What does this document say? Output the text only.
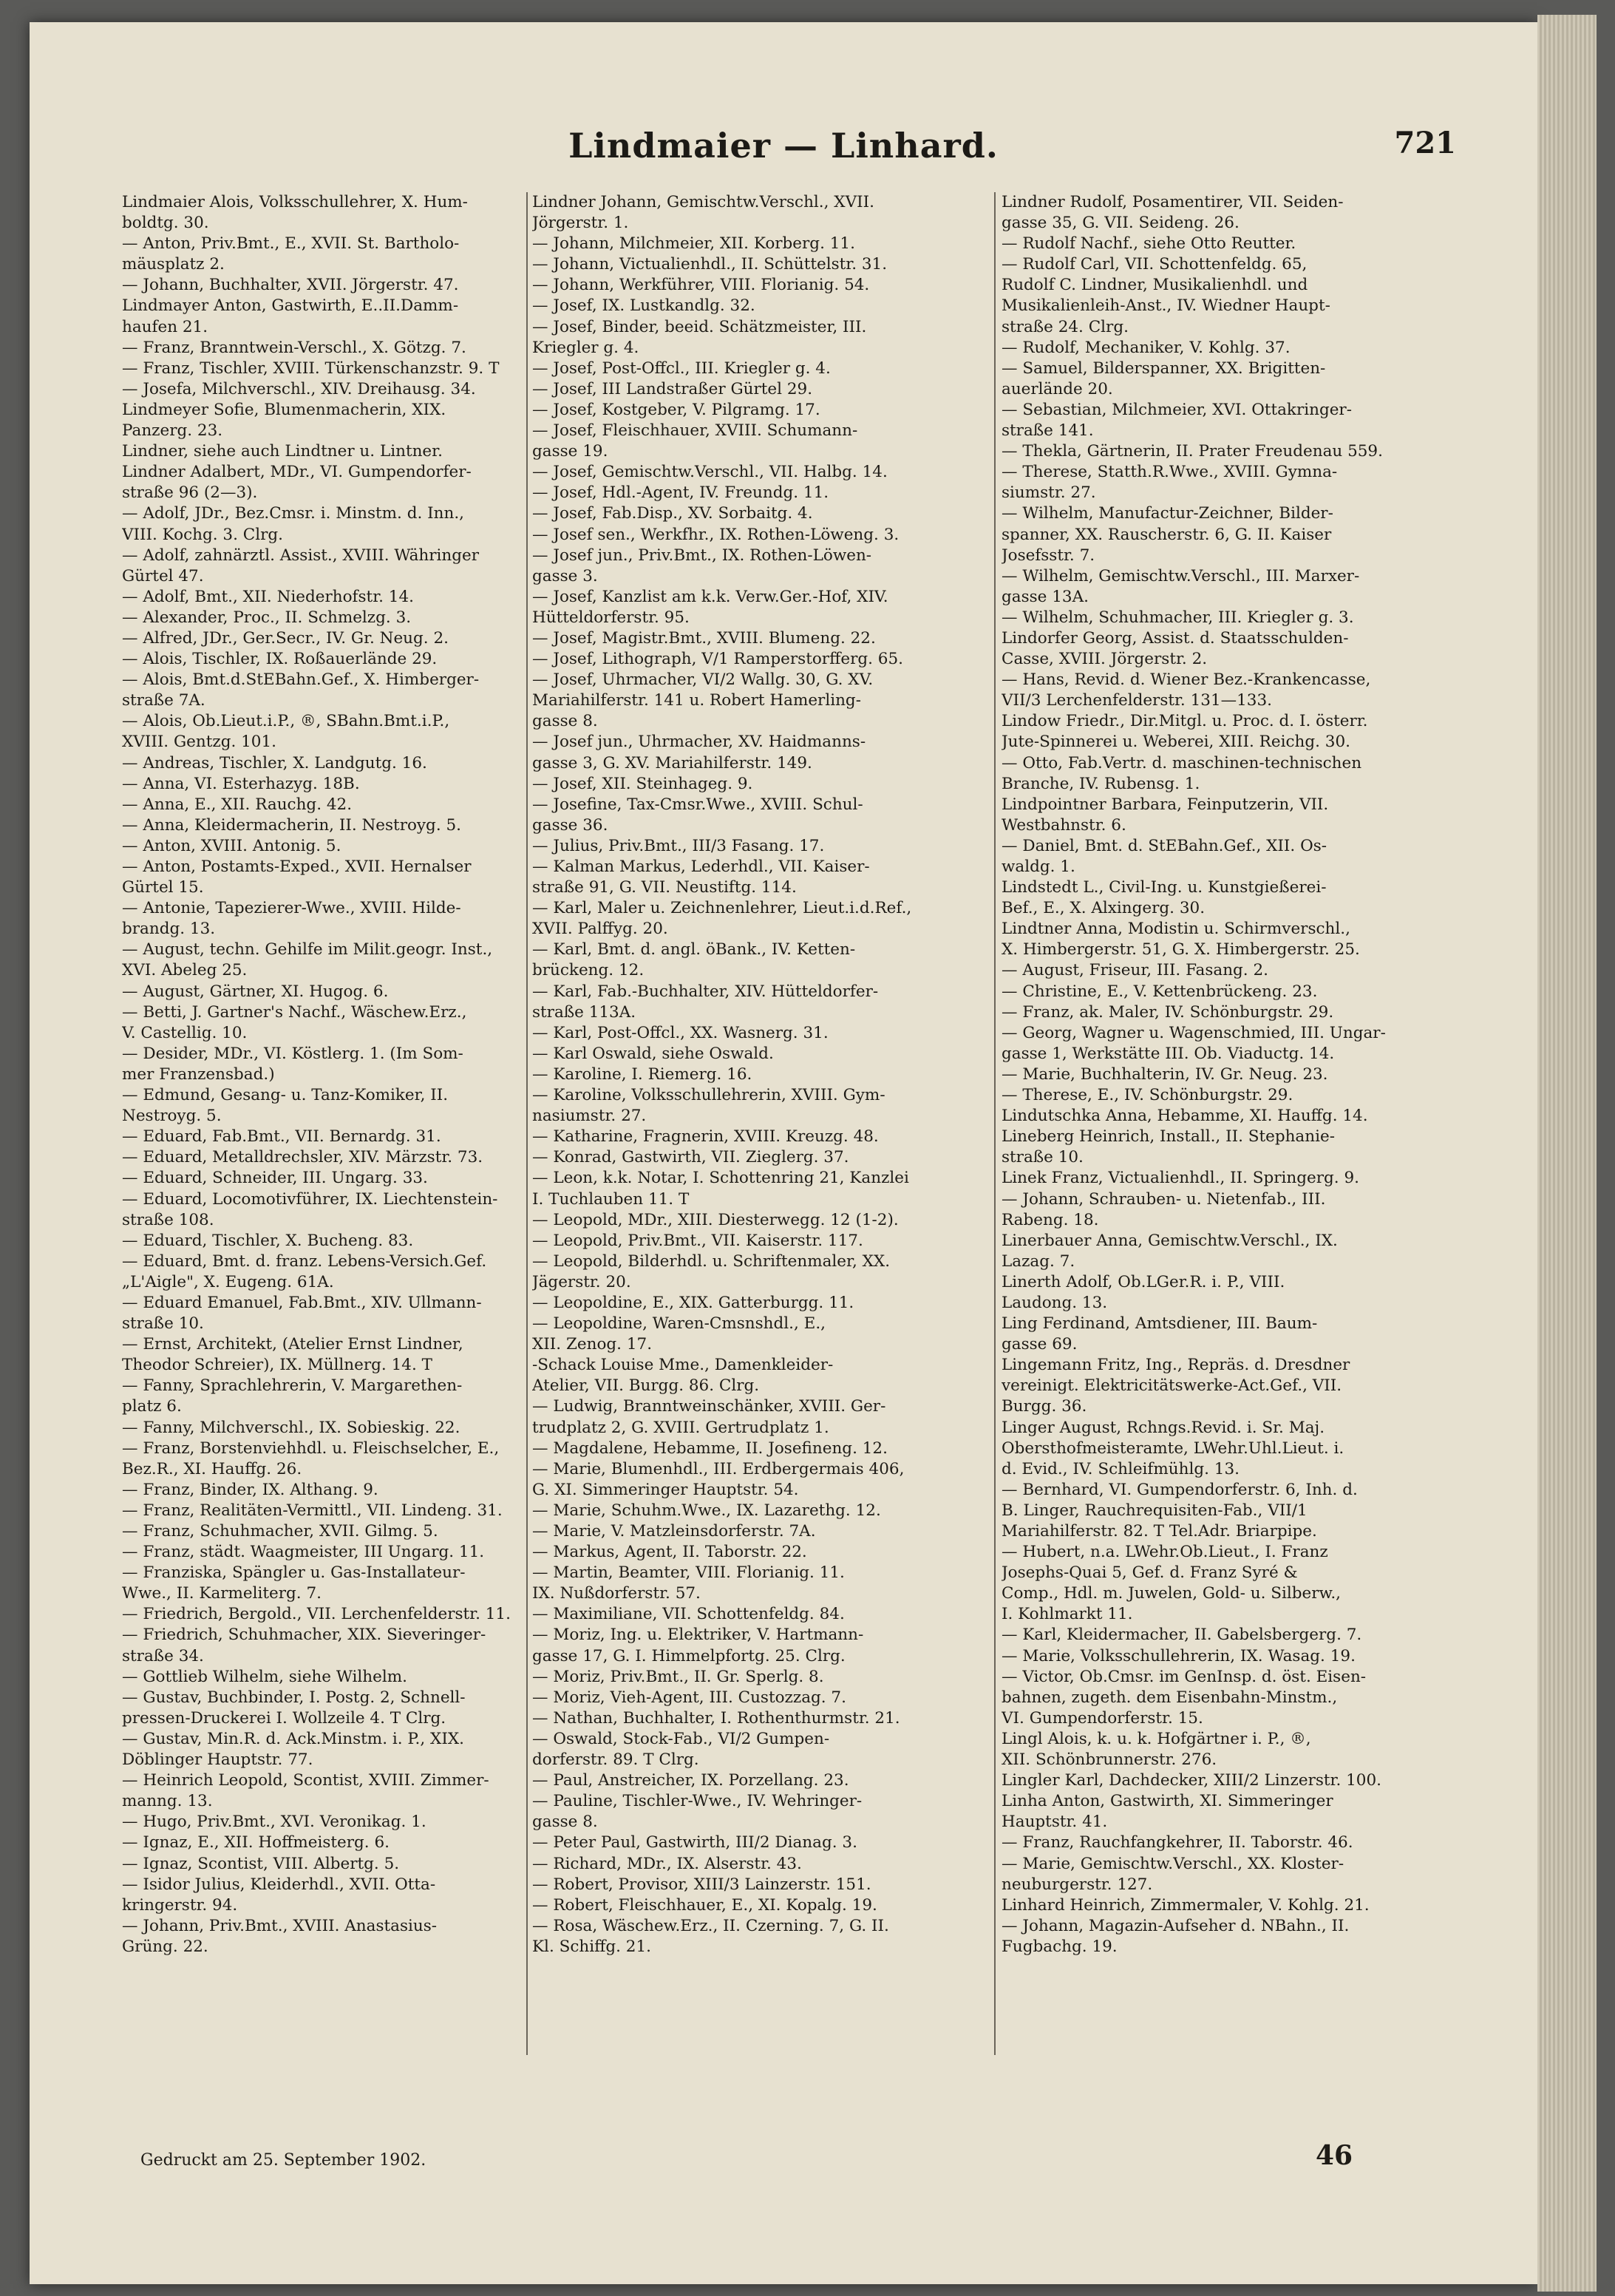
Lindmaier — Linhard.	721
Lindmaier Alois, Volksschullehrer, X. Hum-
boldtg. 30.
— Anton, Priv.Bmt., E., XVII. St. Bartholo-
mäusplatz 2.
— Johann, Buchhalter, XVII. Jörgerstr. 47.
Lindmayer Anton, Gastwirth, E..II.Damm-
haufen 21.
— Franz, Branntwein-Verschl., X. Götzg. 7.
— Franz, Tischler, XVIII. Türkenschanzstr. 9. T
— Josefa, Milchverschl., XIV. Dreihausg. 34.
Lindmeyer Sofie, Blumenmacherin, XIX.
Panzerg. 23.
Lindner, siehe auch Lindtner u. Lintner.
Lindner Adalbert, MDr., VI. Gumpendorfer-
straße 96 (2—3).
— Adolf, JDr., Bez.Cmsr. i. Minstm. d. Inn.,
VIII. Kochg. 3. Clrg.
— Adolf, zahnärztl. Assist., XVIII. Währinger
Gürtel 47.
— Adolf, Bmt., XII. Niederhofstr. 14.
— Alexander, Proc., II. Schmelzg. 3.
— Alfred, JDr., Ger.Secr., IV. Gr. Neug. 2.
— Alois, Tischler, IX. Roßauerlände 29.
— Alois, Bmt.d.StEBahn.Gef., X. Himberger-
straße 7A.
— Alois, Ob.Lieut.i.P., ®, SBahn.Bmt.i.P.,
XVIII. Gentzg. 101.
— Andreas, Tischler, X. Landgutg. 16.
— Anna, VI. Esterhazyg. 18B.
— Anna, E., XII. Rauchg. 42.
— Anna, Kleidermacherin, II. Nestroyg. 5.
— Anton, XVIII. Antonig. 5.
— Anton, Postamts-Exped., XVII. Hernalser
Gürtel 15.
— Antonie, Tapezierer-Wwe., XVIII. Hilde-
brandg. 13.
— August, techn. Gehilfe im Milit.geogr. Inst.,
XVI. Abeleg 25.
— August, Gärtner, XI. Hugog. 6.
— Betti, J. Gartner's Nachf., Wäschew.Erz.,
V. Castellig. 10.
— Desider, MDr., VI. Köstlerg. 1. (Im Som-
mer Franzensbad.)
— Edmund, Gesang- u. Tanz-Komiker, II.
Nestroyg. 5.
— Eduard, Fab.Bmt., VII. Bernardg. 31.
— Eduard, Metalldrechsler, XIV. Märzstr. 73.
— Eduard, Schneider, III. Ungarg. 33.
— Eduard, Locomotivführer, IX. Liechtenstein-
straße 108.
— Eduard, Tischler, X. Bucheng. 83.
— Eduard, Bmt. d. franz. Lebens-Versich.Gef.
„L'Aigle", X. Eugeng. 61A.
— Eduard Emanuel, Fab.Bmt., XIV. Ullmann-
straße 10.
— Ernst, Architekt, (Atelier Ernst Lindner,
Theodor Schreier), IX. Müllnerg. 14. T
— Fanny, Sprachlehrerin, V. Margarethen-
platz 6.
— Fanny, Milchverschl., IX. Sobieskig. 22.
— Franz, Borstenviehhdl. u. Fleischselcher, E.,
Bez.R., XI. Hauffg. 26.
— Franz, Binder, IX. Althang. 9.
— Franz, Realitäten-Vermittl., VII. Lindeng. 31.
— Franz, Schuhmacher, XVII. Gilmg. 5.
— Franz, städt. Waagmeister, III Ungarg. 11.
— Franziska, Spängler u. Gas-Installateur-
Wwe., II. Karmeliterg. 7.
— Friedrich, Bergold., VII. Lerchenfelderstr. 11.
— Friedrich, Schuhmacher, XIX. Sieveringer-
straße 34.
— Gottlieb Wilhelm, siehe Wilhelm.
— Gustav, Buchbinder, I. Postg. 2, Schnell-
pressen-Druckerei I. Wollzeile 4. T Clrg.
— Gustav, Min.R. d. Ack.Minstm. i. P., XIX.
Döblinger Hauptstr. 77.
— Heinrich Leopold, Scontist, XVIII. Zimmer-
manng. 13.
— Hugo, Priv.Bmt., XVI. Veronikag. 1.
— Ignaz, E., XII. Hoffmeisterg. 6.
— Ignaz, Scontist, VIII. Albertg. 5.
— Isidor Julius, Kleiderhdl., XVII. Otta-
kringerstr. 94.
— Johann, Priv.Bmt., XVIII. Anastasius-
Grüng. 22.
Lindner Johann, Gemischtw.Verschl., XVII.
Jörgerstr. 1.
— Johann, Milchmeier, XII. Korberg. 11.
— Johann, Victualienhdl., II. Schüttelstr. 31.
— Johann, Werkführer, VIII. Florianig. 54.
— Josef, IX. Lustkandlg. 32.
— Josef, Binder, beeid. Schätzmeister, III.
Kriegler g. 4.
— Josef, Post-Offcl., III. Kriegler g. 4.
— Josef, III Landstraßer Gürtel 29.
— Josef, Kostgeber, V. Pilgramg. 17.
— Josef, Fleischhauer, XVIII. Schumann-
gasse 19.
— Josef, Gemischtw.Verschl., VII. Halbg. 14.
— Josef, Hdl.-Agent, IV. Freundg. 11.
— Josef, Fab.Disp., XV. Sorbaitg. 4.
— Josef sen., Werkfhr., IX. Rothen-Löweng. 3.
— Josef jun., Priv.Bmt., IX. Rothen-Löwen-
gasse 3.
— Josef, Kanzlist am k.k. Verw.Ger.-Hof, XIV.
Hütteldorferstr. 95.
— Josef, Magistr.Bmt., XVIII. Blumeng. 22.
— Josef, Lithograph, V/1 Ramperstorfferg. 65.
— Josef, Uhrmacher, VI/2 Wallg. 30, G. XV.
Mariahilferstr. 141 u. Robert Hamerling-
gasse 8.
— Josef jun., Uhrmacher, XV. Haidmanns-
gasse 3, G. XV. Mariahilferstr. 149.
— Josef, XII. Steinhageg. 9.
— Josefine, Tax-Cmsr.Wwe., XVIII. Schul-
gasse 36.
— Julius, Priv.Bmt., III/3 Fasang. 17.
— Kalman Markus, Lederhdl., VII. Kaiser-
straße 91, G. VII. Neustiftg. 114.
— Karl, Maler u. Zeichnenlehrer, Lieut.i.d.Ref.,
XVII. Palffyg. 20.
— Karl, Bmt. d. angl. öBank., IV. Ketten-
brückeng. 12.
— Karl, Fab.-Buchhalter, XIV. Hütteldorfer-
straße 113A.
— Karl, Post-Offcl., XX. Wasnerg. 31.
— Karl Oswald, siehe Oswald.
— Karoline, I. Riemerg. 16.
— Karoline, Volksschullehrerin, XVIII. Gym-
nasiumstr. 27.
— Katharine, Fragnerin, XVIII. Kreuzg. 48.
— Konrad, Gastwirth, VII. Zieglerg. 37.
— Leon, k.k. Notar, I. Schottenring 21, Kanzlei
I. Tuchlauben 11. T
— Leopold, MDr., XIII. Diesterwegg. 12 (1-2).
— Leopold, Priv.Bmt., VII. Kaiserstr. 117.
— Leopold, Bilderhdl. u. Schriftenmaler, XX.
Jägerstr. 20.
— Leopoldine, E., XIX. Gatterburgg. 11.
— Leopoldine, Waren-Cmsnshdl., E.,
XII. Zenog. 17.
-Schack Louise Mme., Damenkleider-
Atelier, VII. Burgg. 86. Clrg.
— Ludwig, Branntweinschänker, XVIII. Ger-
trudplatz 2, G. XVIII. Gertrudplatz 1.
— Magdalene, Hebamme, II. Josefineng. 12.
— Marie, Blumenhdl., III. Erdbergermais 406,
G. XI. Simmeringer Hauptstr. 54.
— Marie, Schuhm.Wwe., IX. Lazarethg. 12.
— Marie, V. Matzleinsdorferstr. 7A.
— Markus, Agent, II. Taborstr. 22.
— Martin, Beamter, VIII. Florianig. 11.
IX. Nußdorferstr. 57.
— Maximiliane, VII. Schottenfeldg. 84.
— Moriz, Ing. u. Elektriker, V. Hartmann-
gasse 17, G. I. Himmelpfortg. 25. Clrg.
— Moriz, Priv.Bmt., II. Gr. Sperlg. 8.
— Moriz, Vieh-Agent, III. Custozzag. 7.
— Nathan, Buchhalter, I. Rothenthurmstr. 21.
— Oswald, Stock-Fab., VI/2 Gumpen-
dorferstr. 89. T Clrg.
— Paul, Anstreicher, IX. Porzellang. 23.
— Pauline, Tischler-Wwe., IV. Wehringer-
gasse 8.
— Peter Paul, Gastwirth, III/2 Dianag. 3.
— Richard, MDr., IX. Alserstr. 43.
— Robert, Provisor, XIII/3 Lainzerstr. 151.
— Robert, Fleischhauer, E., XI. Kopalg. 19.
— Rosa, Wäschew.Erz., II. Czerning. 7, G. II.
Kl. Schiffg. 21.
Lindner Rudolf, Posamentirer, VII. Seiden-
gasse 35, G. VII. Seideng. 26.
— Rudolf Nachf., siehe Otto Reutter.
— Rudolf Carl, VII. Schottenfeldg. 65,
Rudolf C. Lindner, Musikalienhdl. und
Musikalienleih-Anst., IV. Wiedner Haupt-
straße 24. Clrg.
— Rudolf, Mechaniker, V. Kohlg. 37.
— Samuel, Bilderspanner, XX. Brigitten-
auerlände 20.
— Sebastian, Milchmeier, XVI. Ottakringer-
straße 141.
— Thekla, Gärtnerin, II. Prater Freudenau 559.
— Therese, Statth.R.Wwe., XVIII. Gymna-
siumstr. 27.
— Wilhelm, Manufactur-Zeichner, Bilder-
spanner, XX. Rauscherstr. 6, G. II. Kaiser
Josefsstr. 7.
— Wilhelm, Gemischtw.Verschl., III. Marxer-
gasse 13A.
— Wilhelm, Schuhmacher, III. Kriegler g. 3.
Lindorfer Georg, Assist. d. Staatsschulden-
Casse, XVIII. Jörgerstr. 2.
— Hans, Revid. d. Wiener Bez.-Krankencasse,
VII/3 Lerchenfelderstr. 131—133.
Lindow Friedr., Dir.Mitgl. u. Proc. d. I. österr.
Jute-Spinnerei u. Weberei, XIII. Reichg. 30.
— Otto, Fab.Vertr. d. maschinen-technischen
Branche, IV. Rubensg. 1.
Lindpointner Barbara, Feinputzerin, VII.
Westbahnstr. 6.
— Daniel, Bmt. d. StEBahn.Gef., XII. Os-
waldg. 1.
Lindstedt L., Civil-Ing. u. Kunstgießerei-
Bef., E., X. Alxingerg. 30.
Lindtner Anna, Modistin u. Schirmverschl.,
X. Himbergerstr. 51, G. X. Himbergerstr. 25.
— August, Friseur, III. Fasang. 2.
— Christine, E., V. Kettenbrückeng. 23.
— Franz, ak. Maler, IV. Schönburgstr. 29.
— Georg, Wagner u. Wagenschmied, III. Ungar-
gasse 1, Werkstätte III. Ob. Viaductg. 14.
— Marie, Buchhalterin, IV. Gr. Neug. 23.
— Therese, E., IV. Schönburgstr. 29.
Lindutschka Anna, Hebamme, XI. Hauffg. 14.
Lineberg Heinrich, Install., II. Stephanie-
straße 10.
Linek Franz, Victualienhdl., II. Springerg. 9.
— Johann, Schrauben- u. Nietenfab., III.
Rabeng. 18.
Linerbauer Anna, Gemischtw.Verschl., IX.
Lazag. 7.
Linerth Adolf, Ob.LGer.R. i. P., VIII.
Laudong. 13.
Ling Ferdinand, Amtsdiener, III. Baum-
gasse 69.
Lingemann Fritz, Ing., Repräs. d. Dresdner
vereinigt. Elektricitätswerke-Act.Gef., VII.
Burgg. 36.
Linger August, Rchngs.Revid. i. Sr. Maj.
Obersthofmeisteramte, LWehr.Uhl.Lieut. i.
d. Evid., IV. Schleifmühlg. 13.
— Bernhard, VI. Gumpendorferstr. 6, Inh. d.
B. Linger, Rauchrequisiten-Fab., VII/1
Mariahilferstr. 82. T Tel.Adr. Briarpipe.
— Hubert, n.a. LWehr.Ob.Lieut., I. Franz
Josephs-Quai 5, Gef. d. Franz Syré &
Comp., Hdl. m. Juwelen, Gold- u. Silberw.,
I. Kohlmarkt 11.
— Karl, Kleidermacher, II. Gabelsbergerg. 7.
— Marie, Volksschullehrerin, IX. Wasag. 19.
— Victor, Ob.Cmsr. im GenInsp. d. öst. Eisen-
bahnen, zugeth. dem Eisenbahn-Minstm.,
VI. Gumpendorferstr. 15.
Lingl Alois, k. u. k. Hofgärtner i. P., ®,
XII. Schönbrunnerstr. 276.
Lingler Karl, Dachdecker, XIII/2 Linzerstr. 100.
Linha Anton, Gastwirth, XI. Simmeringer
Hauptstr. 41.
— Franz, Rauchfangkehrer, II. Taborstr. 46.
— Marie, Gemischtw.Verschl., XX. Kloster-
neuburgerstr. 127.
Linhard Heinrich, Zimmermaler, V. Kohlg. 21.
— Johann, Magazin-Aufseher d. NBahn., II.
Fugbachg. 19.
Gedruckt am 25. September 1902.	46
